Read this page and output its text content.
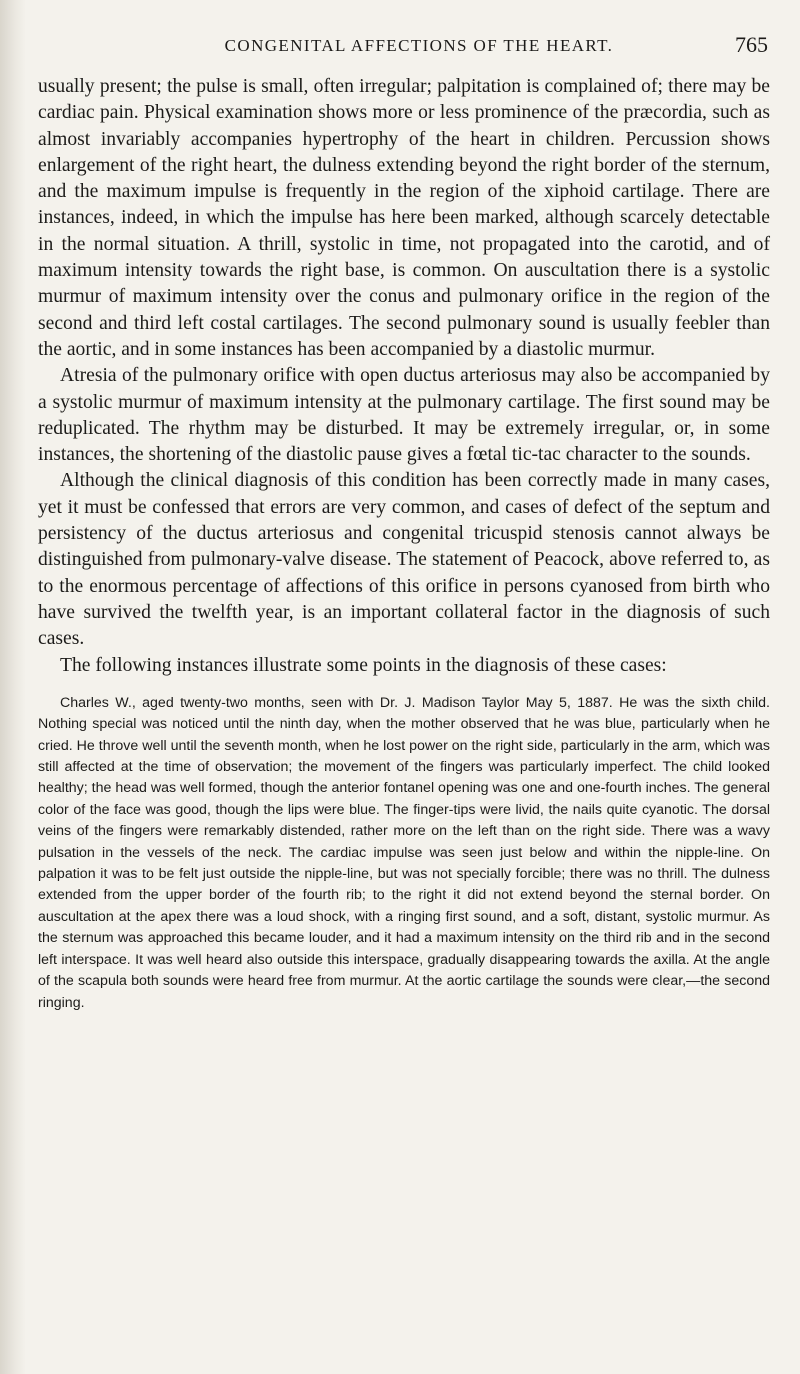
CONGENITAL AFFECTIONS OF THE HEART.	765

usually present; the pulse is small, often irregular; palpitation is complained of; there may be cardiac pain. Physical examination shows more or less prominence of the præcordia, such as almost invariably accompanies hypertrophy of the heart in children. Percussion shows enlargement of the right heart, the dulness extending beyond the right border of the sternum, and the maximum impulse is frequently in the region of the xiphoid cartilage. There are instances, indeed, in which the impulse has here been marked, although scarcely detectable in the normal situation. A thrill, systolic in time, not propagated into the carotid, and of maximum intensity towards the right base, is common. On auscultation there is a systolic murmur of maximum intensity over the conus and pulmonary orifice in the region of the second and third left costal cartilages. The second pulmonary sound is usually feebler than the aortic, and in some instances has been accompanied by a diastolic murmur.

Atresia of the pulmonary orifice with open ductus arteriosus may also be accompanied by a systolic murmur of maximum intensity at the pulmonary cartilage. The first sound may be reduplicated. The rhythm may be disturbed. It may be extremely irregular, or, in some instances, the shortening of the diastolic pause gives a fœtal tic-tac character to the sounds.

Although the clinical diagnosis of this condition has been correctly made in many cases, yet it must be confessed that errors are very common, and cases of defect of the septum and persistency of the ductus arteriosus and congenital tricuspid stenosis cannot always be distinguished from pulmonary-valve disease. The statement of Peacock, above referred to, as to the enormous percentage of affections of this orifice in persons cyanosed from birth who have survived the twelfth year, is an important collateral factor in the diagnosis of such cases.

The following instances illustrate some points in the diagnosis of these cases:

Charles W., aged twenty-two months, seen with Dr. J. Madison Taylor May 5, 1887. He was the sixth child. Nothing special was noticed until the ninth day, when the mother observed that he was blue, particularly when he cried. He throve well until the seventh month, when he lost power on the right side, particularly in the arm, which was still affected at the time of observation; the movement of the fingers was particularly imperfect. The child looked healthy; the head was well formed, though the anterior fontanel opening was one and one-fourth inches. The general color of the face was good, though the lips were blue. The finger-tips were livid, the nails quite cyanotic. The dorsal veins of the fingers were remarkably distended, rather more on the left than on the right side. There was a wavy pulsation in the vessels of the neck. The cardiac impulse was seen just below and within the nipple-line. On palpation it was to be felt just outside the nipple-line, but was not specially forcible; there was no thrill. The dulness extended from the upper border of the fourth rib; to the right it did not extend beyond the sternal border. On auscultation at the apex there was a loud shock, with a ringing first sound, and a soft, distant, systolic murmur. As the sternum was approached this became louder, and it had a maximum intensity on the third rib and in the second left interspace. It was well heard also outside this interspace, gradually disappearing towards the axilla. At the angle of the scapula both sounds were heard free from murmur. At the aortic cartilage the sounds were clear,—the second ringing.
